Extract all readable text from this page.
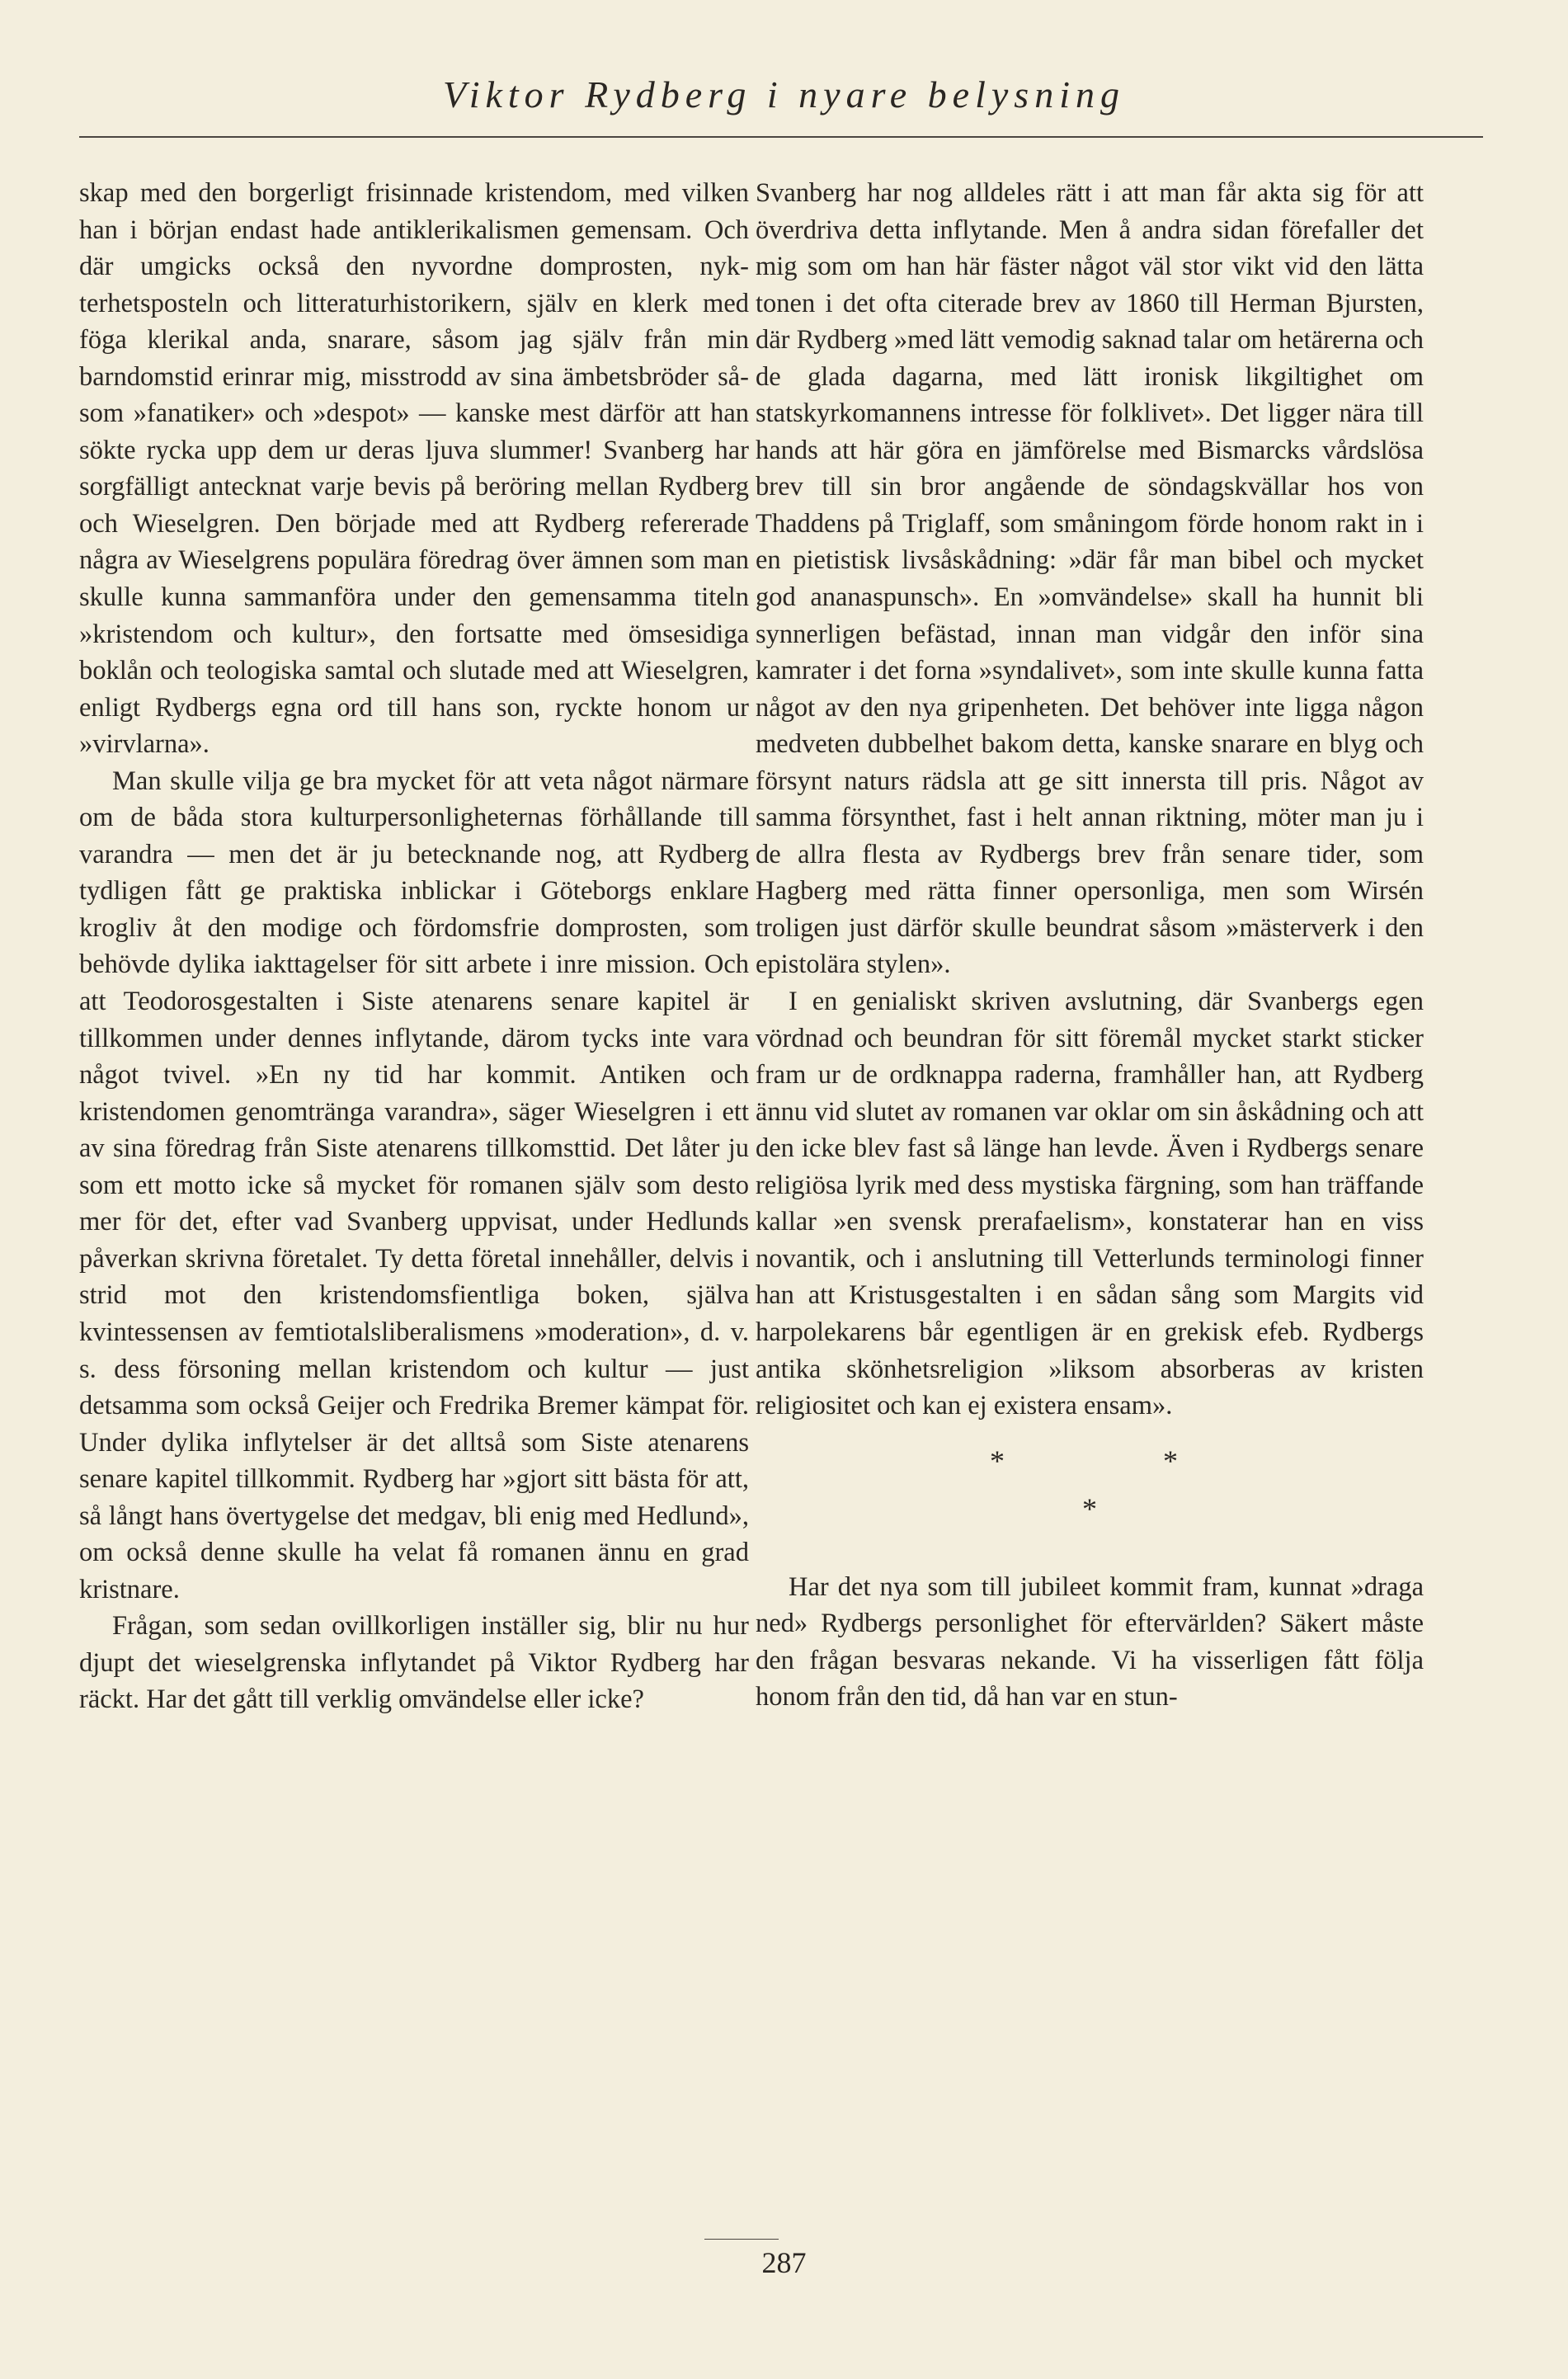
Viktor Rydberg i nyare belysning

skap med den borgerligt frisinnade kristendom, med vilken han i början endast hade antiklerikalismen gemensam. Och där umgicks också den nyvordne domprosten, nykterhetsposteln och litteraturhistorikern, själv en klerk med föga klerikal anda, snarare, såsom jag själv från min barndomstid erinrar mig, misstrodd av sina ämbetsbröder såsom »fanatiker» och »despot» — kanske mest därför att han sökte rycka upp dem ur deras ljuva slummer! Svanberg har sorgfälligt antecknat varje bevis på beröring mellan Rydberg och Wieselgren. Den började med att Rydberg refererade några av Wieselgrens populära föredrag över ämnen som man skulle kunna sammanföra under den gemensamma titeln »kristendom och kultur», den fortsatte med ömsesidiga boklån och teologiska samtal och slutade med att Wieselgren, enligt Rydbergs egna ord till hans son, ryckte honom ur »virvlarna».

Man skulle vilja ge bra mycket för att veta något närmare om de båda stora kulturpersonligheternas förhållande till varandra — men det är ju betecknande nog, att Rydberg tydligen fått ge praktiska inblickar i Göteborgs enklare krogliv åt den modige och fördomsfrie domprosten, som behövde dylika iakttagelser för sitt arbete i inre mission. Och att Teodorosgestalten i Siste atenarens senare kapitel är tillkommen under dennes inflytande, därom tycks inte vara något tvivel. »En ny tid har kommit. Antiken och kristendomen genomtränga varandra», säger Wieselgren i ett av sina föredrag från Siste atenarens tillkomsttid. Det låter ju som ett motto icke så mycket för romanen själv som desto mer för det, efter vad Svanberg uppvisat, under Hedlunds påverkan skrivna företalet. Ty detta företal innehåller, delvis i strid mot den kristendomsfientliga boken, själva kvintessensen av femtiotalsliberalismens »moderation», d. v. s. dess försoning mellan kristendom och kultur — just detsamma som också Geijer och Fredrika Bremer kämpat för. Under dylika inflytelser är det alltså som Siste atenarens senare kapitel tillkommit. Rydberg har »gjort sitt bästa för att, så långt hans övertygelse det medgav, bli enig med Hedlund», om också denne skulle ha velat få romanen ännu en grad kristnare.

Frågan, som sedan ovillkorligen inställer sig, blir nu hur djupt det wieselgrenska inflytandet på Viktor Rydberg har räckt. Har det gått till verklig omvändelse eller icke?

Svanberg har nog alldeles rätt i att man får akta sig för att överdriva detta inflytande. Men å andra sidan förefaller det mig som om han här fäster något väl stor vikt vid den lätta tonen i det ofta citerade brev av 1860 till Herman Bjursten, där Rydberg »med lätt vemodig saknad talar om hetärerna och de glada dagarna, med lätt ironisk likgiltighet om statskyrkomannens intresse för folklivet». Det ligger nära till hands att här göra en jämförelse med Bismarcks vårdslösa brev till sin bror angående de söndagskvällar hos von Thaddens på Triglaff, som småningom förde honom rakt in i en pietistisk livsåskådning: »där får man bibel och mycket god ananaspunsch». En »omvändelse» skall ha hunnit bli synnerligen befästad, innan man vidgår den inför sina kamrater i det forna »syndalivet», som inte skulle kunna fatta något av den nya gripenheten. Det behöver inte ligga någon medveten dubbelhet bakom detta, kanske snarare en blyg och försynt naturs rädsla att ge sitt innersta till pris. Något av samma försynthet, fast i helt annan riktning, möter man ju i de allra flesta av Rydbergs brev från senare tider, som Hagberg med rätta finner opersonliga, men som Wirsén troligen just därför skulle beundrat såsom »mästerverk i den epistolära stylen».

I en genialiskt skriven avslutning, där Svanbergs egen vördnad och beundran för sitt föremål mycket starkt sticker fram ur de ordknappa raderna, framhåller han, att Rydberg ännu vid slutet av romanen var oklar om sin åskådning och att den icke blev fast så länge han levde. Även i Rydbergs senare religiösa lyrik med dess mystiska färgning, som han träffande kallar »en svensk prerafaelism», konstaterar han en viss novantik, och i anslutning till Vetterlunds terminologi finner han att Kristusgestalten i en sådan sång som Margits vid harpolekarens bår egentligen är en grekisk efeb. Rydbergs antika skönhetsreligion »liksom absorberas av kristen religiositet och kan ej existera ensam».

*	*
*

Har det nya som till jubileet kommit fram, kunnat »draga ned» Rydbergs personlighet för eftervärlden? Säkert måste den frågan besvaras nekande. Vi ha visserligen fått följa honom från den tid, då han var en stun-

287
